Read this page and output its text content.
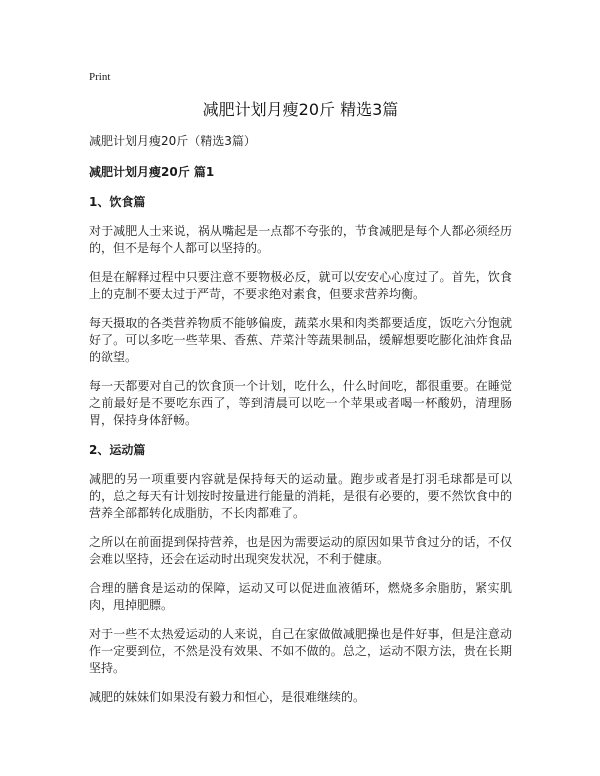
Print
减肥计划月瘦20斤 精选3篇

减肥计划月瘦20斤（精选3篇）

减肥计划月瘦20斤 篇1

1、饮食篇

对于减肥人士来说，祸从嘴起是一点都不夸张的，节食减肥是每个人都必须经历的，但不是每个人都可以坚持的。

但是在解释过程中只要注意不要物极必反，就可以安安心心度过了。首先，饮食上的克制不要太过于严苛，不要求绝对素食，但要求营养均衡。

每天摄取的各类营养物质不能够偏废，蔬菜水果和肉类都要适度，饭吃六分饱就好了。可以多吃一些苹果、香蕉、芹菜汁等蔬果制品，缓解想要吃膨化油炸食品的欲望。

每一天都要对自己的饮食顶一个计划，吃什么，什么时间吃，都很重要。在睡觉之前最好是不要吃东西了，等到清晨可以吃一个苹果或者喝一杯酸奶，清理肠胃，保持身体舒畅。

2、运动篇

减肥的另一项重要内容就是保持每天的运动量。跑步或者是打羽毛球都是可以的，总之每天有计划按时按量进行能量的消耗，是很有必要的，要不然饮食中的营养全部都转化成脂肪，不长肉都难了。

之所以在前面提到保持营养，也是因为需要运动的原因如果节食过分的话，不仅会难以坚持，还会在运动时出现突发状况，不利于健康。

合理的膳食是运动的保障，运动又可以促进血液循环，燃烧多余脂肪，紧实肌肉，甩掉肥膘。

对于一些不太热爱运动的人来说，自己在家做做减肥操也是件好事，但是注意动作一定要到位，不然是没有效果、不如不做的。总之，运动不限方法，贵在长期坚持。

减肥的妹妹们如果没有毅力和恒心，是很难继续的。
